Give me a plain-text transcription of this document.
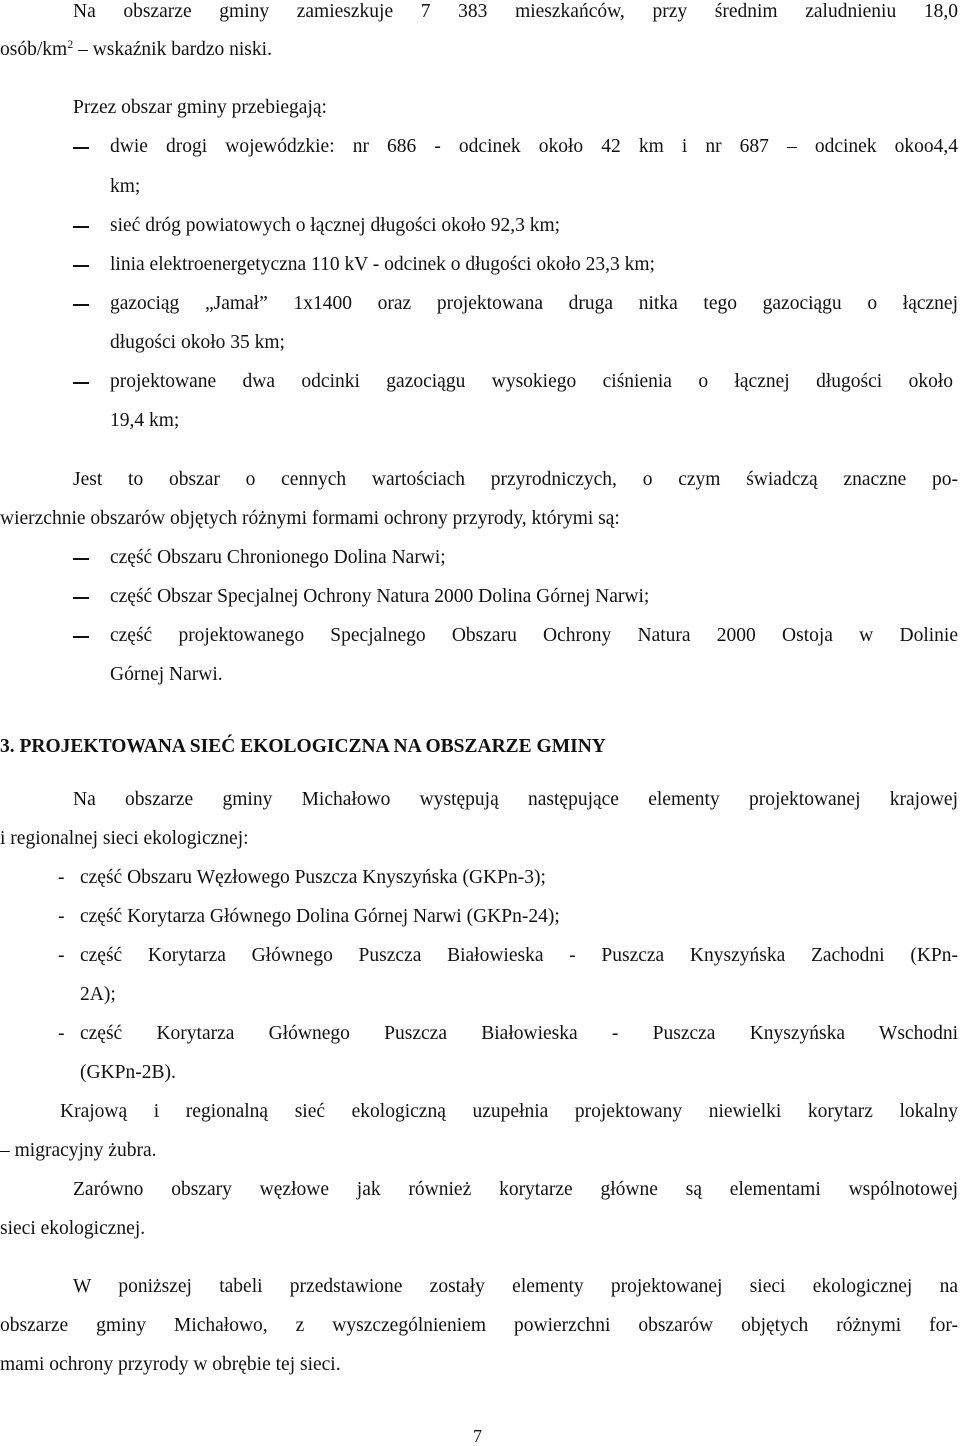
Na obszarze gminy zamieszkuje 7 383 mieszkańców, przy średnim zaludnieniu 18,0
osób/$km^2$ – wskaźnik bardzo niski.
Przez obszar gminy przebiegają:
dwie drogi wojewódzkie: nr 686 - odcinek około 42 km i nr 687 – odcinek okoo4,4
km;
sieć dróg powiatowych o łącznej długości około 92,3 km;
linia elektroenergetyczna 110 kV - odcinek o długości około 23,3 km;
gazociąg „Jamał” 1x1400 oraz projektowana druga nitka tego gazociągu o łącznej
długości około 35 km;
projektowane dwa odcinki gazociągu wysokiego ciśnienia o łącznej długości około
19,4 km;
Jest to obszar o cennych wartościach przyrodniczych, o czym świadczą znaczne po-
wierzchnie obszarów objętych różnymi formami ochrony przyrody, którymi są:
część Obszaru Chronionego Dolina Narwi;
część Obszar Specjalnej Ochrony Natura 2000 Dolina Górnej Narwi;
część projektowanego Specjalnego Obszaru Ochrony Natura 2000 Ostoja w Dolinie
Górnej Narwi.
3. PROJEKTOWANA SIEĆ EKOLOGICZNA NA OBSZARZE GMINY
Na obszarze gminy Michałowo występują następujące elementy projektowanej krajowej
i regionalnej sieci ekologicznej:
- część Obszaru Węzłowego Puszcza Knyszyńska (GKPn-3);
- część Korytarza Głównego Dolina Górnej Narwi (GKPn-24);
- część Korytarza Głównego Puszcza Białowieska - Puszcza Knyszyńska Zachodni (KPn-
2A);
- część Korytarza Głównego Puszcza Białowieska - Puszcza Knyszyńska Wschodni
(GKPn-2B).
Krajową i regionalną sieć ekologiczną uzupełnia projektowany niewielki korytarz lokalny
– migracyjny żubra.
Zarówno obszary węzłowe jak również korytarze główne są elementami wspólnotowej
sieci ekologicznej.
W poniższej tabeli przedstawione zostały elementy projektowanej sieci ekologicznej na
obszarze gminy Michałowo, z wyszczególnieniem powierzchni obszarów objętych różnymi for-
mami ochrony przyrody w obrębie tej sieci.
7
